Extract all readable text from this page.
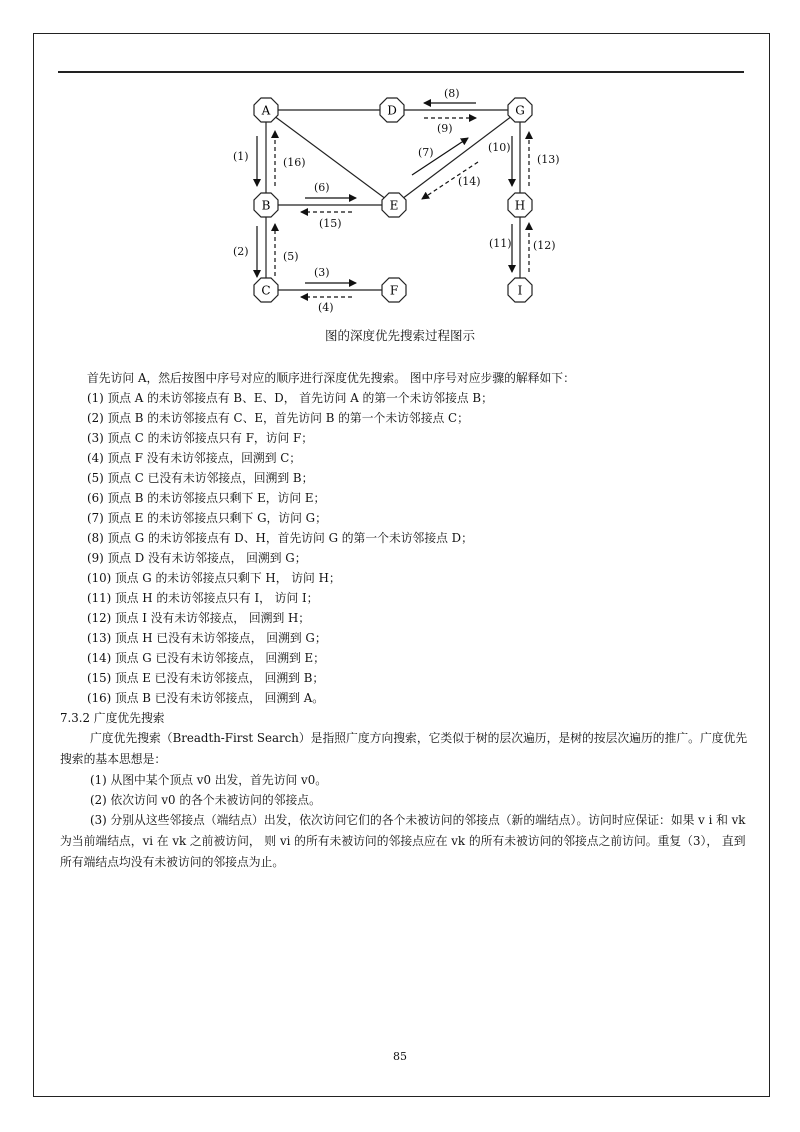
(1)
(2)
(3)
(4)
(5)
(6)
(7)
(8)
(9)
(10)
(11) (12)
(13)
(14)
(15)
(16)
A	D	G
B	E	H
C	F	I
图的深度优先搜索过程图示
首先访问 A，然后按图中序号对应的顺序进行深度优先搜索。 图中序号对应步骤的解释如下：
(1) 顶点 A 的未访邻接点有 B、E、D， 首先访问 A 的第一个未访邻接点 B；
(2) 顶点 B 的未访邻接点有 C、E，首先访问 B 的第一个未访邻接点 C；
(3) 顶点 C 的未访邻接点只有 F，访问 F；
(4) 顶点 F 没有未访邻接点，回溯到 C；
(5) 顶点 C 已没有未访邻接点，回溯到 B；
(6) 顶点 B 的未访邻接点只剩下 E，访问 E；
(7) 顶点 E 的未访邻接点只剩下 G，访问 G；
(8) 顶点 G 的未访邻接点有 D、H，首先访问 G 的第一个未访邻接点 D；
(9) 顶点 D 没有未访邻接点， 回溯到 G；
(10) 顶点 G 的未访邻接点只剩下 H， 访问 H；
(11) 顶点 H 的未访邻接点只有 I， 访问 I；
(12) 顶点 I 没有未访邻接点， 回溯到 H；
(13) 顶点 H 已没有未访邻接点， 回溯到 G；
(14) 顶点 G 已没有未访邻接点， 回溯到 E；
(15) 顶点 E 已没有未访邻接点， 回溯到 B；
(16) 顶点 B 已没有未访邻接点， 回溯到 A。
7.3.2 广度优先搜索
广度优先搜索（Breadth-First Search）是指照广度方向搜索，它类似于树的层次遍历，是树的按层次遍历的推广。广度优先搜索的基本思想是：
(1) 从图中某个顶点 v0 出发，首先访问 v0。
(2) 依次访问 v0 的各个未被访问的邻接点。
(3) 分别从这些邻接点（端结点）出发，依次访问它们的各个未被访问的邻接点（新的端结点）。访问时应保证：如果 v i 和 vk 为当前端结点，vi 在 vk 之前被访问， 则 vi 的所有未被访问的邻接点应在 vk 的所有未被访问的邻接点之前访问。重复（3）， 直到所有端结点均没有未被访问的邻接点为止。
85
